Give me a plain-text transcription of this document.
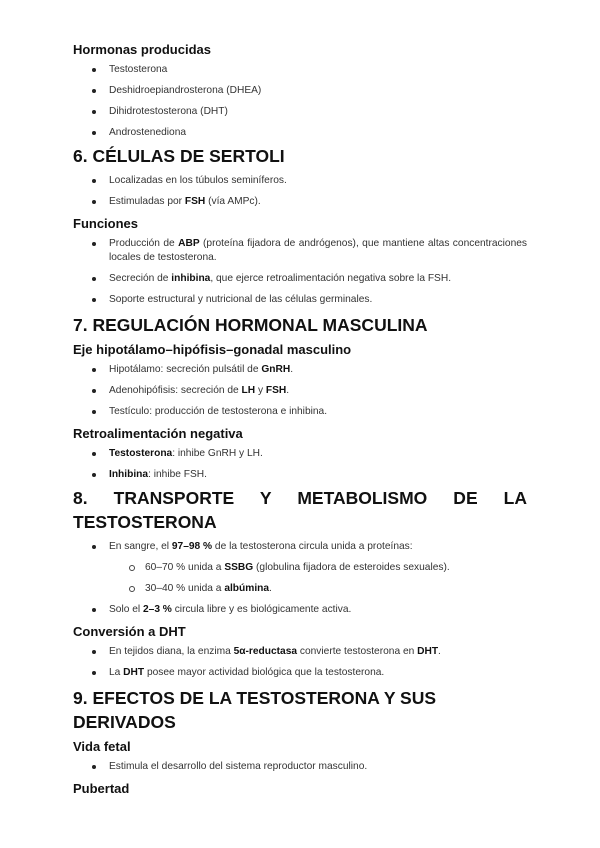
Hormonas producidas
Testosterona
Deshidroepiandrosterona (DHEA)
Dihidrotestosterona (DHT)
Androstenediona
6. CÉLULAS DE SERTOLI
Localizadas en los túbulos seminíferos.
Estimuladas por FSH (vía AMPc).
Funciones
Producción de ABP (proteína fijadora de andrógenos), que mantiene altas concentraciones locales de testosterona.
Secreción de inhibina, que ejerce retroalimentación negativa sobre la FSH.
Soporte estructural y nutricional de las células germinales.
7. REGULACIÓN HORMONAL MASCULINA
Eje hipotálamo–hipófisis–gonadal masculino
Hipotálamo: secreción pulsátil de GnRH.
Adenohipófisis: secreción de LH y FSH.
Testículo: producción de testosterona e inhibina.
Retroalimentación negativa
Testosterona: inhibe GnRH y LH.
Inhibina: inhibe FSH.
8. TRANSPORTE Y METABOLISMO DE LA TESTOSTERONA
En sangre, el 97–98 % de la testosterona circula unida a proteínas:
60–70 % unida a SSBG (globulina fijadora de esteroides sexuales).
30–40 % unida a albúmina.
Solo el 2–3 % circula libre y es biológicamente activa.
Conversión a DHT
En tejidos diana, la enzima 5α-reductasa convierte testosterona en DHT.
La DHT posee mayor actividad biológica que la testosterona.
9. EFECTOS DE LA TESTOSTERONA Y SUS DERIVADOS
Vida fetal
Estimula el desarrollo del sistema reproductor masculino.
Pubertad
